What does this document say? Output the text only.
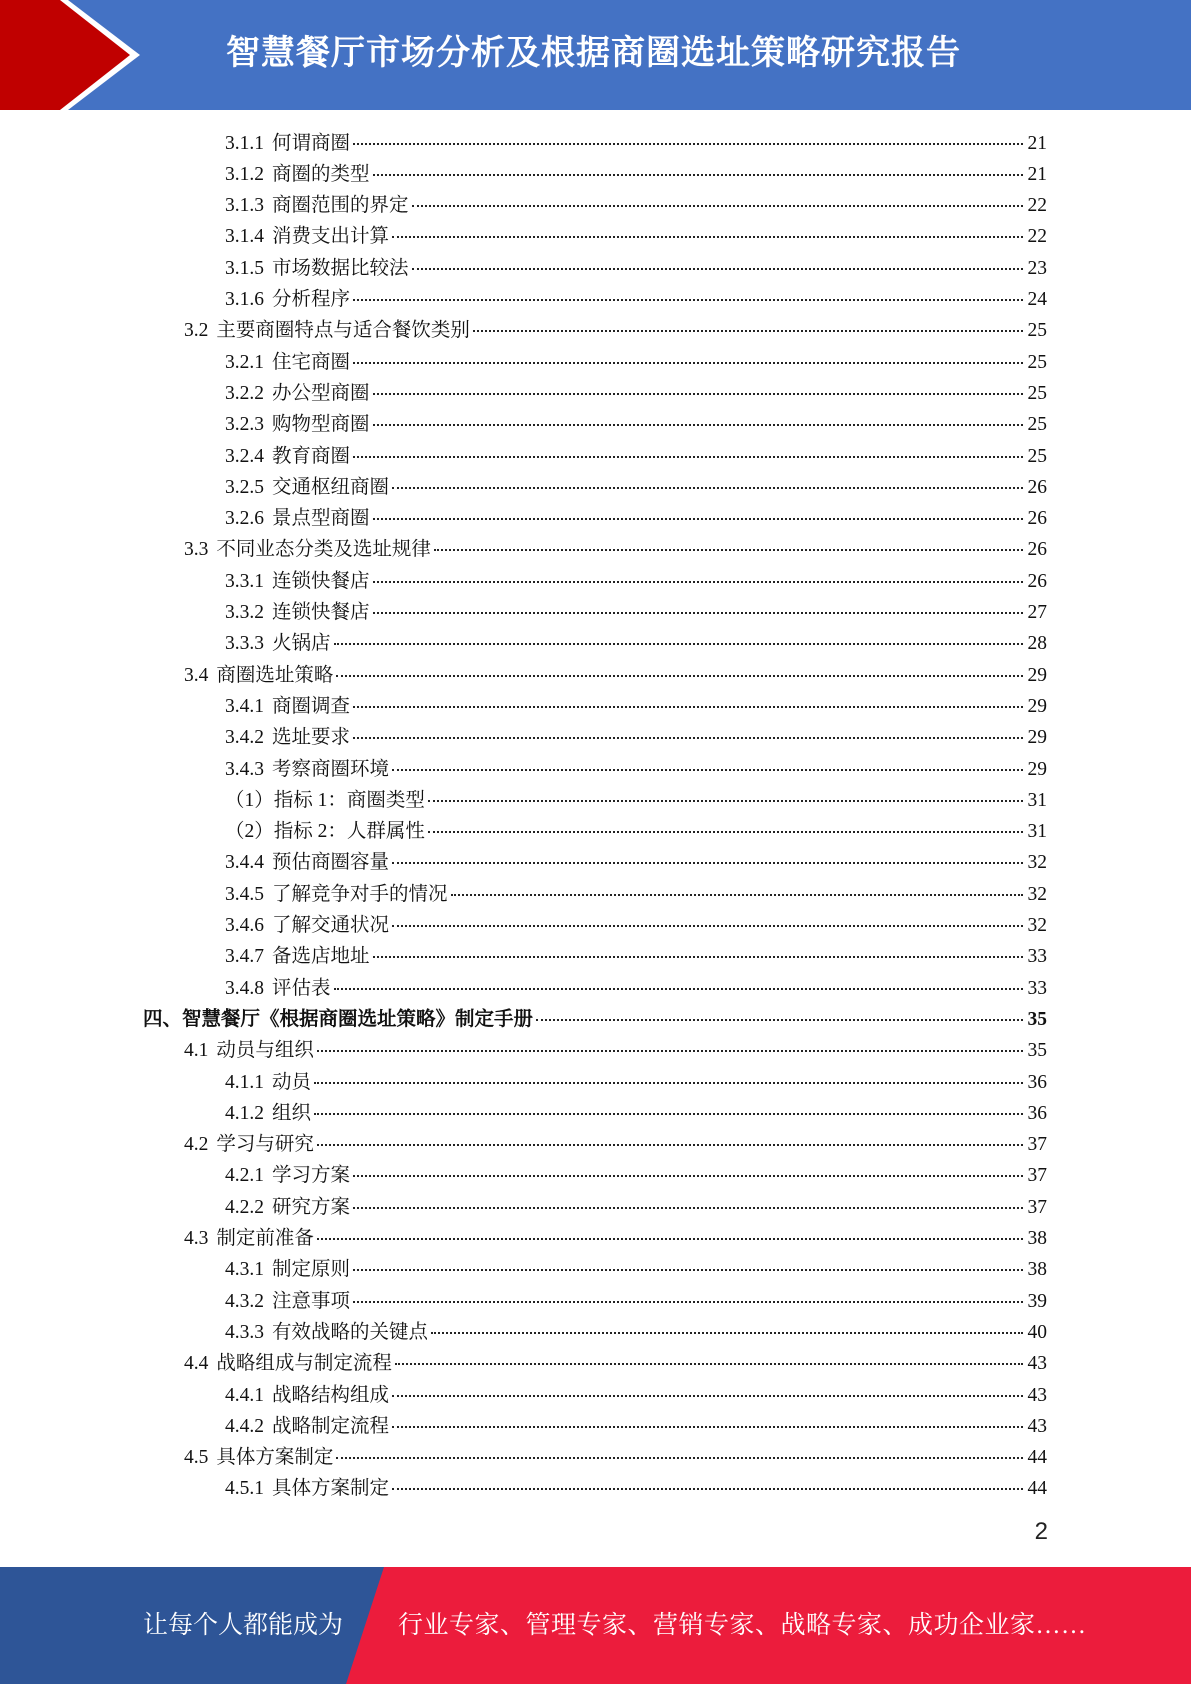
智慧餐厅市场分析及根据商圈选址策略研究报告
3.1.1 何谓商圈	21
3.1.2 商圈的类型	21
3.1.3 商圈范围的界定	22
3.1.4 消费支出计算	22
3.1.5 市场数据比较法	23
3.1.6 分析程序	24
3.2 主要商圈特点与适合餐饮类别	25
3.2.1 住宅商圈	25
3.2.2 办公型商圈	25
3.2.3 购物型商圈	25
3.2.4 教育商圈	25
3.2.5 交通枢纽商圈	26
3.2.6 景点型商圈	26
3.3 不同业态分类及选址规律	26
3.3.1 连锁快餐店	26
3.3.2 连锁快餐店	27
3.3.3 火锅店	28
3.4 商圈选址策略	29
3.4.1 商圈调查	29
3.4.2 选址要求	29
3.4.3 考察商圈环境	29
（1）指标 1：商圈类型	31
（2）指标 2：人群属性	31
3.4.4 预估商圈容量	32
3.4.5 了解竞争对手的情况	32
3.4.6 了解交通状况	32
3.4.7 备选店地址	33
3.4.8 评估表	33
四、智慧餐厅《根据商圈选址策略》制定手册	35
4.1 动员与组织	35
4.1.1 动员	36
4.1.2 组织	36
4.2 学习与研究	37
4.2.1 学习方案	37
4.2.2 研究方案	37
4.3 制定前准备	38
4.3.1 制定原则	38
4.3.2 注意事项	39
4.3.3 有效战略的关键点	40
4.4 战略组成与制定流程	43
4.4.1 战略结构组成	43
4.4.2 战略制定流程	43
4.5 具体方案制定	44
4.5.1 具体方案制定	44
2
让每个人都能成为 行业专家、管理专家、营销专家、战略专家、成功企业家……
